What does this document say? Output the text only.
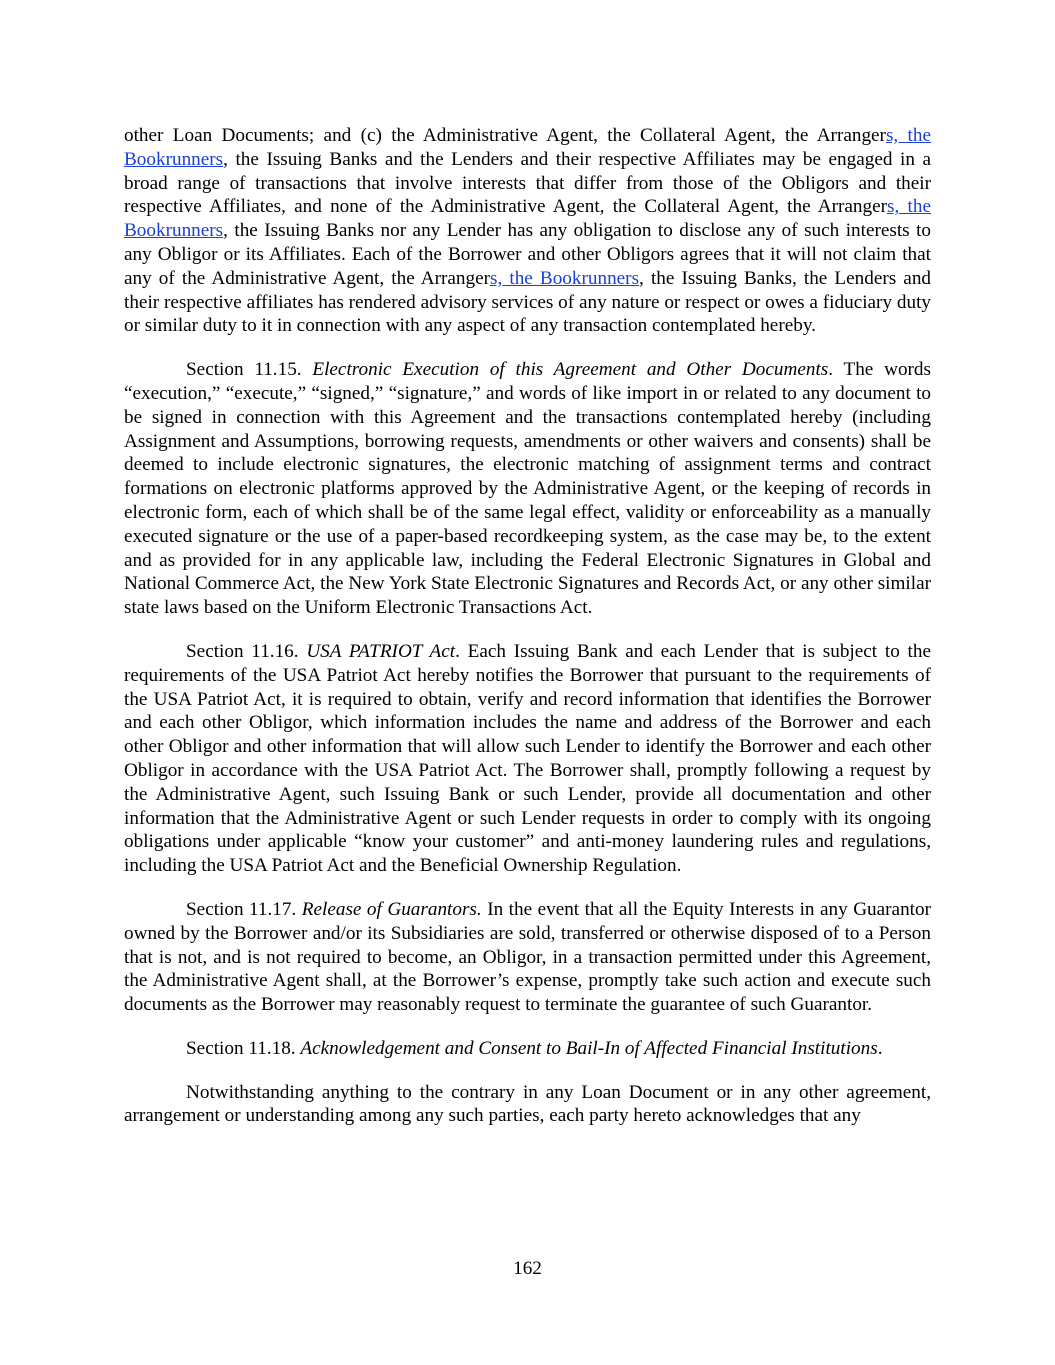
other Loan Documents; and (c) the Administrative Agent, the Collateral Agent, the Arrangers, the Bookrunners, the Issuing Banks and the Lenders and their respective Affiliates may be engaged in a broad range of transactions that involve interests that differ from those of the Obligors and their respective Affiliates, and none of the Administrative Agent, the Collateral Agent, the Arrangers, the Bookrunners, the Issuing Banks nor any Lender has any obligation to disclose any of such interests to any Obligor or its Affiliates. Each of the Borrower and other Obligors agrees that it will not claim that any of the Administrative Agent, the Arrangers, the Bookrunners, the Issuing Banks, the Lenders and their respective affiliates has rendered advisory services of any nature or respect or owes a fiduciary duty or similar duty to it in connection with any aspect of any transaction contemplated hereby.

Section 11.15. Electronic Execution of this Agreement and Other Documents. The words “execution,” “execute,” “signed,” “signature,” and words of like import in or related to any document to be signed in connection with this Agreement and the transactions contemplated hereby (including Assignment and Assumptions, borrowing requests, amendments or other waivers and consents) shall be deemed to include electronic signatures, the electronic matching of assignment terms and contract formations on electronic platforms approved by the Administrative Agent, or the keeping of records in electronic form, each of which shall be of the same legal effect, validity or enforceability as a manually executed signature or the use of a paper-based recordkeeping system, as the case may be, to the extent and as provided for in any applicable law, including the Federal Electronic Signatures in Global and National Commerce Act, the New York State Electronic Signatures and Records Act, or any other similar state laws based on the Uniform Electronic Transactions Act.

Section 11.16. USA PATRIOT Act. Each Issuing Bank and each Lender that is subject to the requirements of the USA Patriot Act hereby notifies the Borrower that pursuant to the requirements of the USA Patriot Act, it is required to obtain, verify and record information that identifies the Borrower and each other Obligor, which information includes the name and address of the Borrower and each other Obligor and other information that will allow such Lender to identify the Borrower and each other Obligor in accordance with the USA Patriot Act. The Borrower shall, promptly following a request by the Administrative Agent, such Issuing Bank or such Lender, provide all documentation and other information that the Administrative Agent or such Lender requests in order to comply with its ongoing obligations under applicable “know your customer” and anti-money laundering rules and regulations, including the USA Patriot Act and the Beneficial Ownership Regulation.

Section 11.17. Release of Guarantors. In the event that all the Equity Interests in any Guarantor owned by the Borrower and/or its Subsidiaries are sold, transferred or otherwise disposed of to a Person that is not, and is not required to become, an Obligor, in a transaction permitted under this Agreement, the Administrative Agent shall, at the Borrower’s expense, promptly take such action and execute such documents as the Borrower may reasonably request to terminate the guarantee of such Guarantor.

Section 11.18. Acknowledgement and Consent to Bail-In of Affected Financial Institutions.

Notwithstanding anything to the contrary in any Loan Document or in any other agreement, arrangement or understanding among any such parties, each party hereto acknowledges that any

162
